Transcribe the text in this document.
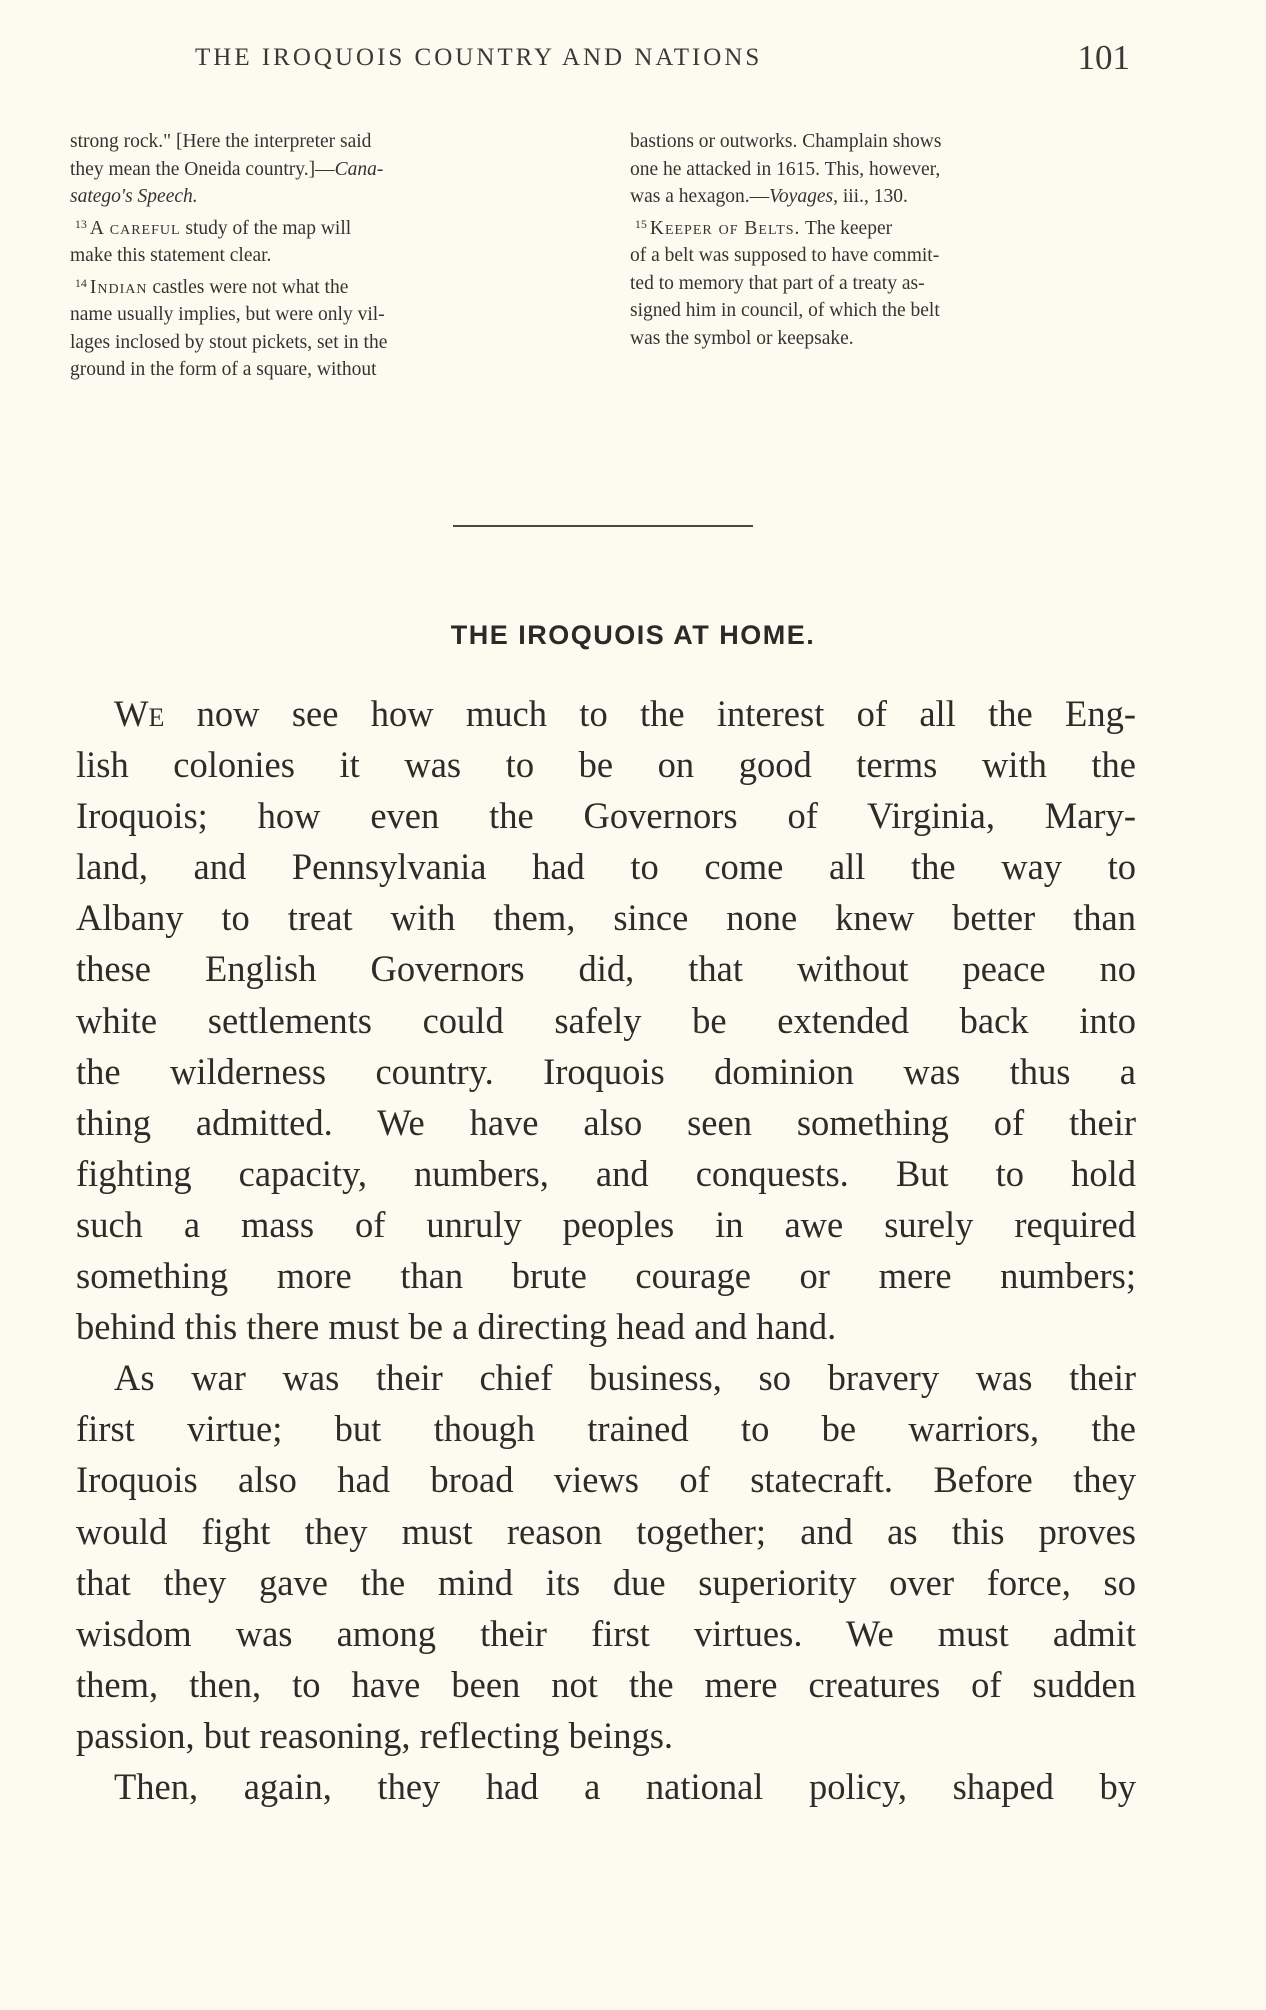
THE IROQUOIS COUNTRY AND NATIONS	101
strong rock." [Here the interpreter said
they mean the Oneida country.]—Cana-
satego's Speech.
$^{13}$ A careful study of the map will
make this statement clear.
$^{14}$ Indian castles were not what the
name usually implies, but were only vil-
lages inclosed by stout pickets, set in the
ground in the form of a square, without
bastions or outworks. Champlain shows
one he attacked in 1615. This, however,
was a hexagon.—Voyages, iii., 130.
$^{15}$ Keeper of Belts. The keeper
of a belt was supposed to have commit-
ted to memory that part of a treaty as-
signed him in council, of which the belt
was the symbol or keepsake.
THE IROQUOIS AT HOME.
We now see how much to the interest of all the Eng-
lish colonies it was to be on good terms with the
Iroquois; how even the Governors of Virginia, Mary-
land, and Pennsylvania had to come all the way to
Albany to treat with them, since none knew better than
these English Governors did, that without peace no
white settlements could safely be extended back into
the wilderness country. Iroquois dominion was thus a
thing admitted. We have also seen something of their
fighting capacity, numbers, and conquests. But to hold
such a mass of unruly peoples in awe surely required
something more than brute courage or mere numbers;
behind this there must be a directing head and hand.
As war was their chief business, so bravery was their
first virtue; but though trained to be warriors, the
Iroquois also had broad views of statecraft. Before they
would fight they must reason together; and as this proves
that they gave the mind its due superiority over force, so
wisdom was among their first virtues. We must admit
them, then, to have been not the mere creatures of sudden
passion, but reasoning, reflecting beings.
Then, again, they had a national policy, shaped by
